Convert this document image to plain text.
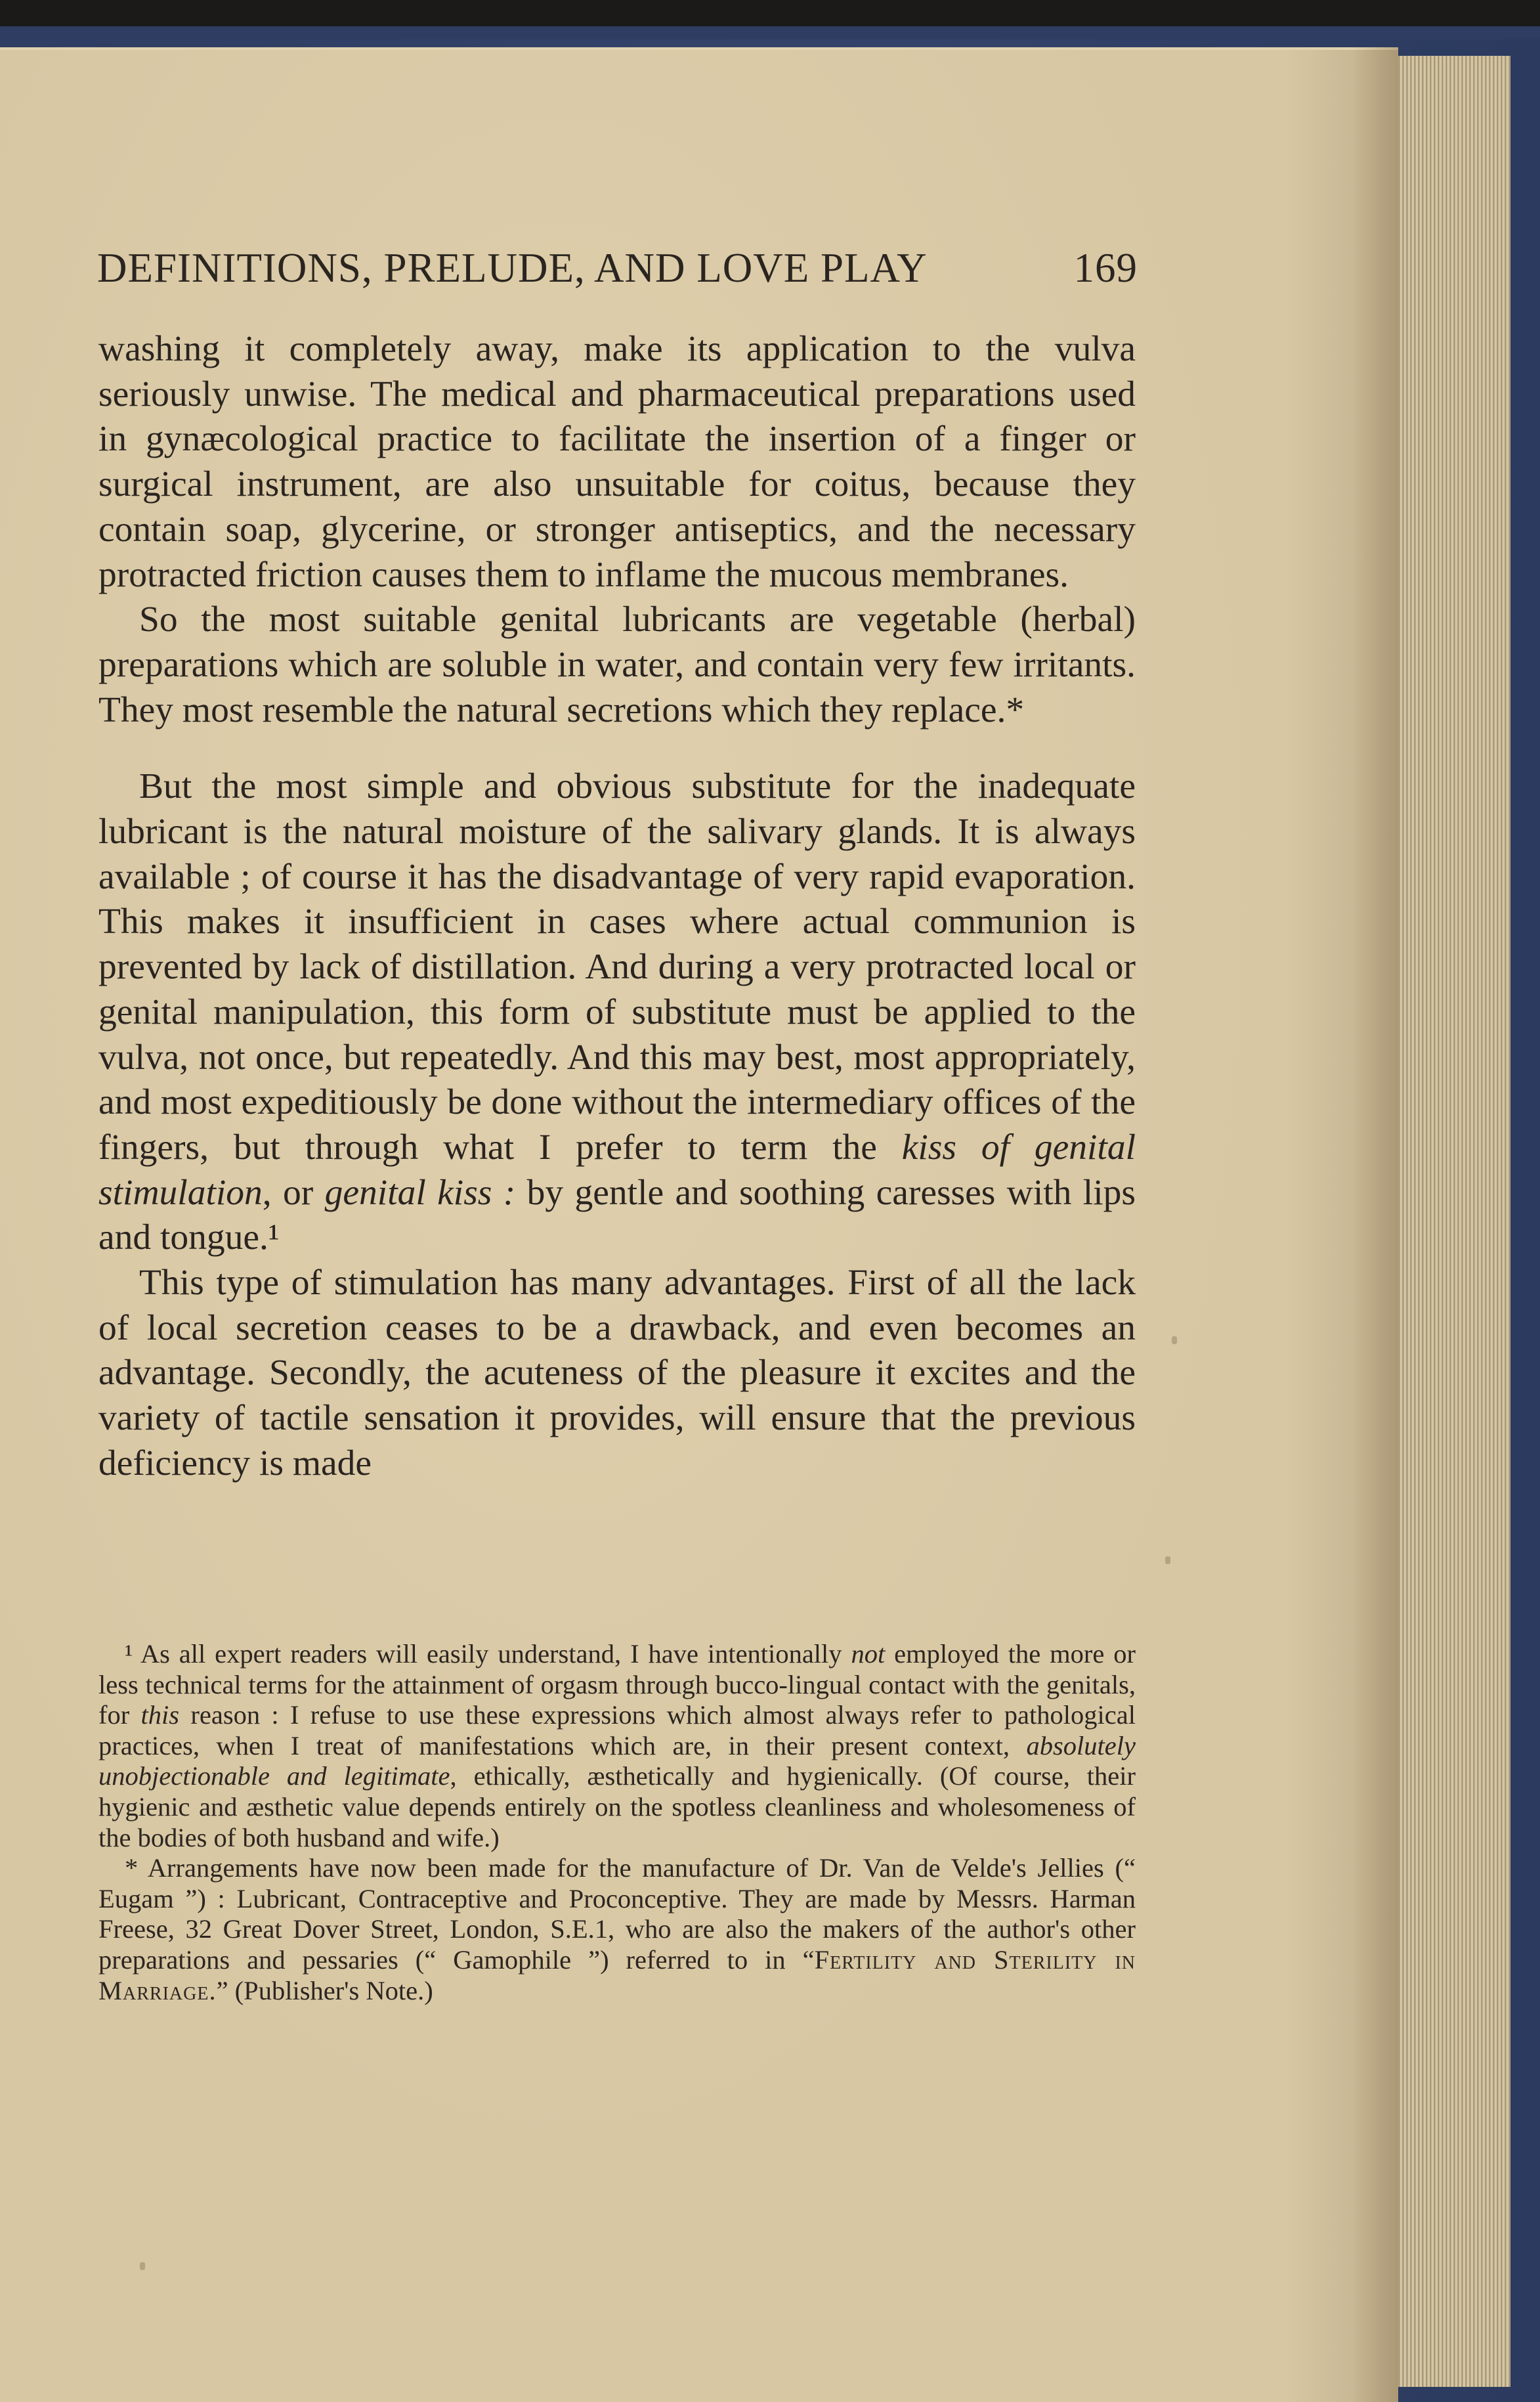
DEFINITIONS, PRELUDE, AND LOVE PLAY	169

washing it completely away, make its application to the vulva seriously unwise. The medical and pharmaceutical preparations used in gynæcological practice to facilitate the insertion of a finger or surgical instrument, are also unsuitable for coitus, because they contain soap, glycerine, or stronger antiseptics, and the necessary protracted friction causes them to inflame the mucous membranes.

So the most suitable genital lubricants are vegetable (herbal) preparations which are soluble in water, and contain very few irritants. They most resemble the natural secretions which they replace.*

But the most simple and obvious substitute for the inadequate lubricant is the natural moisture of the salivary glands. It is always available ; of course it has the disadvantage of very rapid evaporation. This makes it insufficient in cases where actual communion is prevented by lack of distillation. And during a very protracted local or genital manipulation, this form of substitute must be applied to the vulva, not once, but repeatedly. And this may best, most appropriately, and most expeditiously be done without the intermediary offices of the fingers, but through what I prefer to term the kiss of genital stimulation, or genital kiss : by gentle and soothing caresses with lips and tongue.¹

This type of stimulation has many advantages. First of all the lack of local secretion ceases to be a drawback, and even becomes an advantage. Secondly, the acuteness of the pleasure it excites and the variety of tactile sensation it provides, will ensure that the previous deficiency is made

¹ As all expert readers will easily understand, I have intentionally not employed the more or less technical terms for the attainment of orgasm through bucco-lingual contact with the genitals, for this reason : I refuse to use these expressions which almost always refer to pathological practices, when I treat of manifestations which are, in their present context, absolutely unobjectionable and legitimate, ethically, æsthetically and hygienically. (Of course, their hygienic and æsthetic value depends entirely on the spotless cleanliness and wholesomeness of the bodies of both husband and wife.)

* Arrangements have now been made for the manufacture of Dr. Van de Velde's Jellies (“ Eugam ”) : Lubricant, Contraceptive and Proconceptive. They are made by Messrs. Harman Freese, 32 Great Dover Street, London, S.E.1, who are also the makers of the author's other preparations and pessaries (“ Gamophile ”) referred to in “Fertility and Sterility in Marriage.” (Publisher's Note.)
